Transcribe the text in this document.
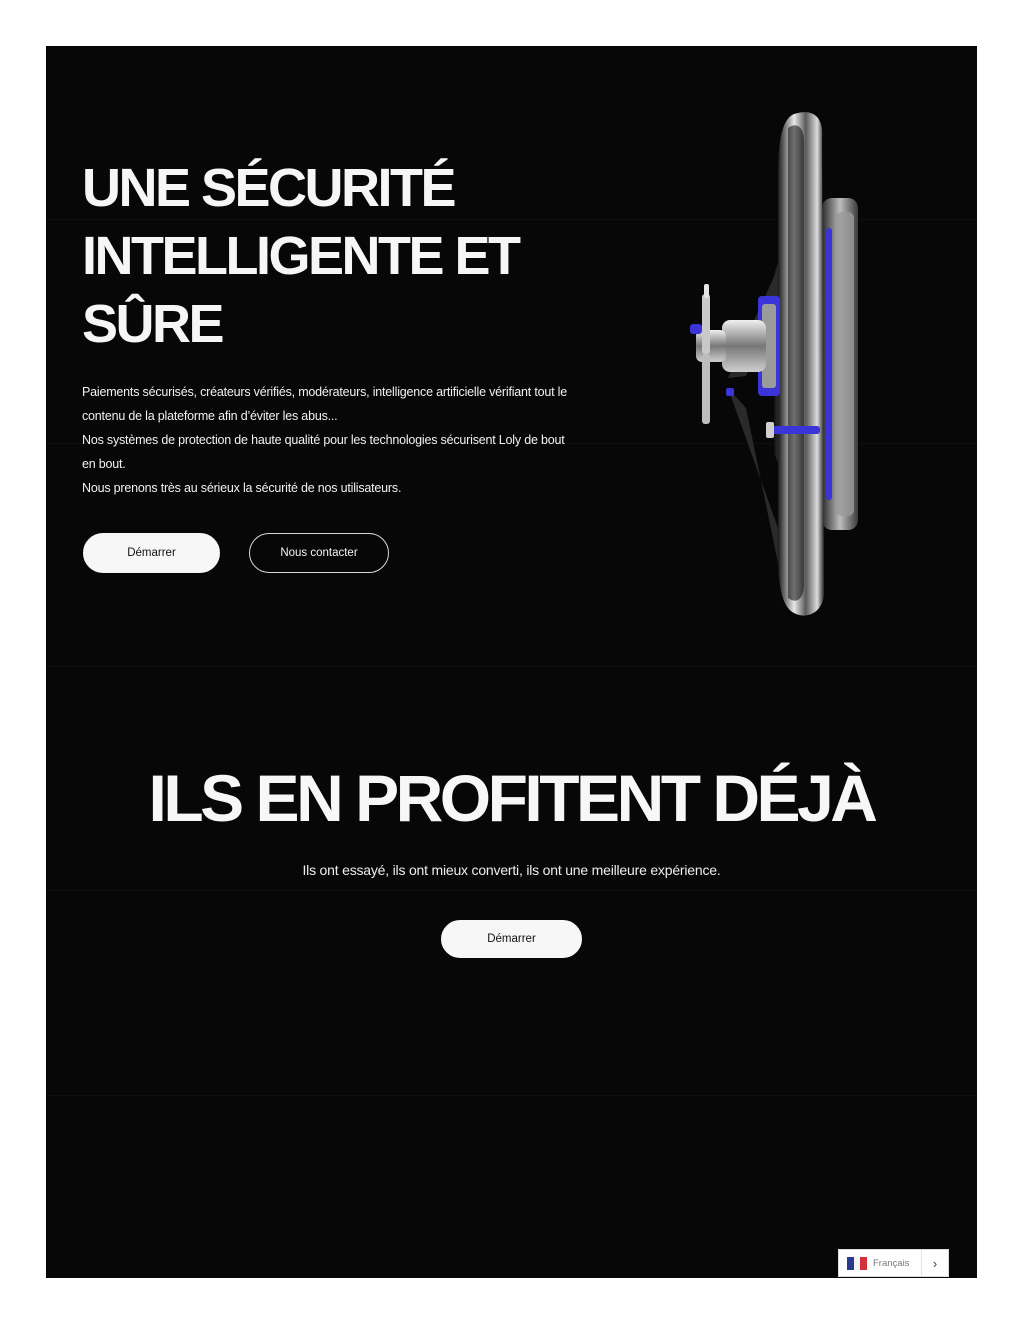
UNE SÉCURITÉ
INTELLIGENTE ET
SÛRE

Paiements sécurisés, créateurs vérifiés, modérateurs, intelligence artificielle vérifiant tout le contenu de la plateforme afin d’éviter les abus...

Nos systèmes de protection de haute qualité pour les technologies sécurisent Loly de bout en bout.

Nous prenons très au sérieux la sécurité de nos utilisateurs.

Démarrer	Nous contacter
ILS EN PROFITENT DÉJÀ
Ils ont essayé, ils ont mieux converti, ils ont une meilleure expérience.
Démarrer
Français	›
